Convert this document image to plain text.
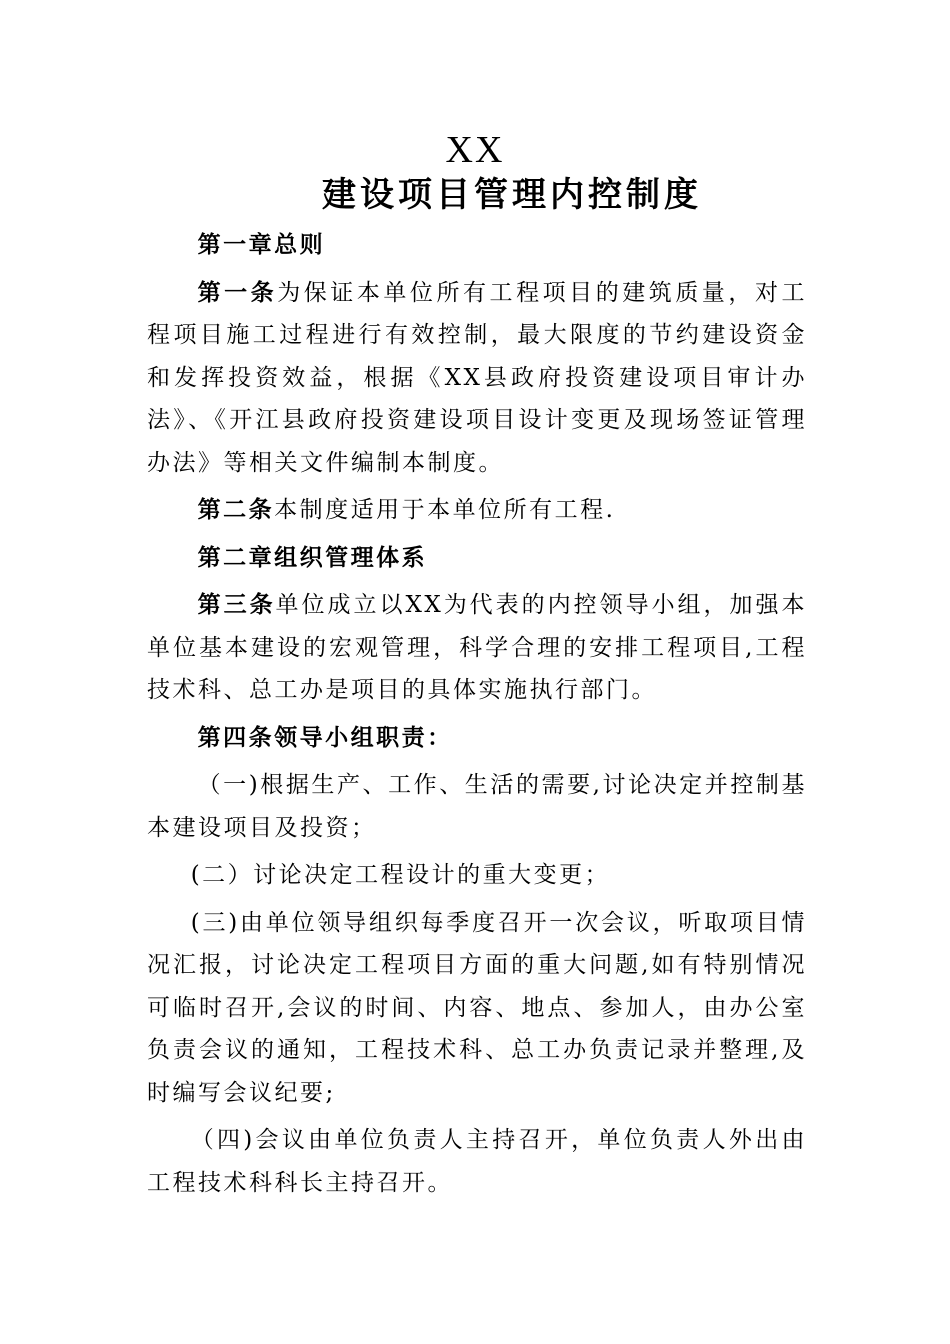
XX
建设项目管理内控制度

第一章总则

第一条为保证本单位所有工程项目的建筑质量，对工程项目施工过程进行有效控制，最大限度的节约建设资金和发挥投资效益，根据《XX县政府投资建设项目审计办法》、《开江县政府投资建设项目设计变更及现场签证管理办法》等相关文件编制本制度。

第二条本制度适用于本单位所有工程.

第二章组织管理体系

第三条单位成立以XX为代表的内控领导小组，加强本单位基本建设的宏观管理，科学合理的安排工程项目,工程技术科、总工办是项目的具体实施执行部门。

第四条领导小组职责：

（一)根据生产、工作、生活的需要,讨论决定并控制基本建设项目及投资；

(二）讨论决定工程设计的重大变更；

(三)由单位领导组织每季度召开一次会议，听取项目情况汇报，讨论决定工程项目方面的重大问题,如有特别情况可临时召开,会议的时间、内容、地点、参加人，由办公室负责会议的通知，工程技术科、总工办负责记录并整理,及时编写会议纪要;

（四)会议由单位负责人主持召开，单位负责人外出由工程技术科科长主持召开。
